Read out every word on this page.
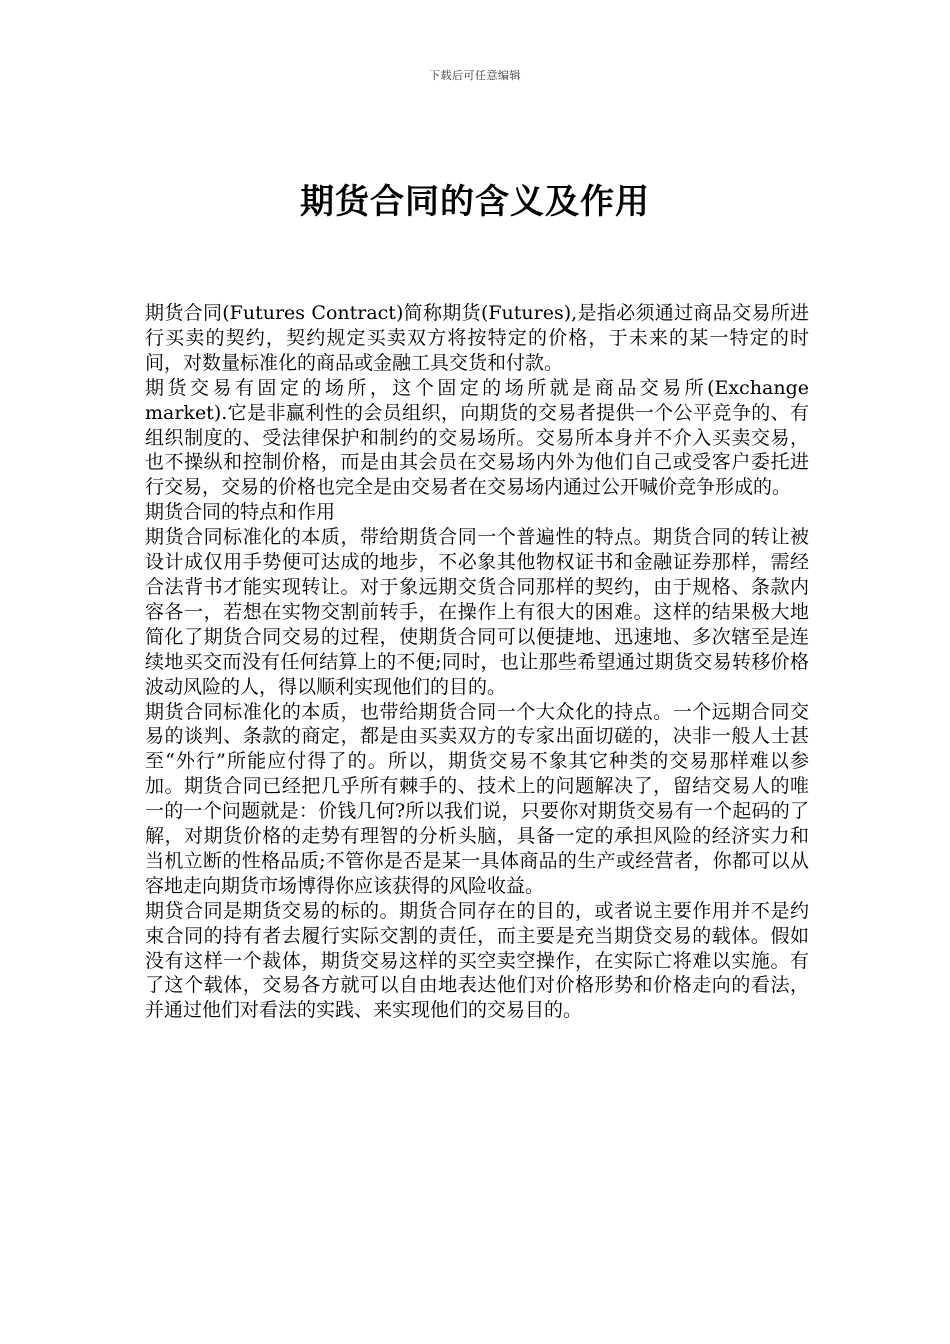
下载后可任意编辑
期货合同的含义及作用

期货合同(Futures Contract)简称期货(Futures),是指必须通过商品交易所进行买卖的契约，契约规定买卖双方将按特定的价格，于未来的某一特定的时间，对数量标准化的商品或金融工具交货和付款。

期货交易有固定的场所，这个固定的场所就是商品交易所(Exchange market).它是非赢利性的会员组织，向期货的交易者提供一个公平竞争的、有组织制度的、受法律保护和制约的交易场所。交易所本身并不介入买卖交易，也不操纵和控制价格，而是由其会员在交易场内外为他们自己或受客户委托进行交易，交易的价格也完全是由交易者在交易场内通过公开喊价竞争形成的。

期货合同的特点和作用

期货合同标准化的本质，带给期货合同一个普遍性的特点。期货合同的转让被设计成仅用手势便可达成的地步，不必象其他物权证书和金融证券那样，需经合法背书才能实现转让。对于象远期交货合同那样的契约，由于规格、条款内容各一，若想在实物交割前转手，在操作上有很大的困难。这样的结果极大地简化了期货合同交易的过程，使期货合同可以便捷地、迅速地、多次辖至是连续地买交而没有任何结算上的不便;同时，也让那些希望通过期货交易转移价格波动风险的人，得以顺利实现他们的目的。

期货合同标准化的本质，也带给期货合同一个大众化的持点。一个远期合同交易的谈判、条款的商定，都是由买卖双方的专家出面切磋的，决非一般人士甚至“外行”所能应付得了的。所以，期货交易不象其它种类的交易那样难以参加。期货合同已经把几乎所有棘手的、技术上的问题解决了，留结交易人的唯一的一个问题就是：价钱几何?所以我们说，只要你对期货交易有一个起码的了解，对期货价格的走势有理智的分析头脑，具备一定的承担风险的经济实力和当机立断的性格品质;不管你是否是某一具体商品的生产或经营者，你都可以从容地走向期货市场博得你应该获得的风险收益。

期贷合同是期货交易的标的。期货合同存在的目的，或者说主要作用并不是约束合同的持有者去履行实际交割的责任，而主要是充当期贷交易的载体。假如没有这样一个裁体，期货交易这样的买空卖空操作，在实际亡将难以实施。有了这个载体，交易各方就可以自由地表达他们对价格形势和价格走向的看法，并通过他们对看法的实践、来实现他们的交易目的。
